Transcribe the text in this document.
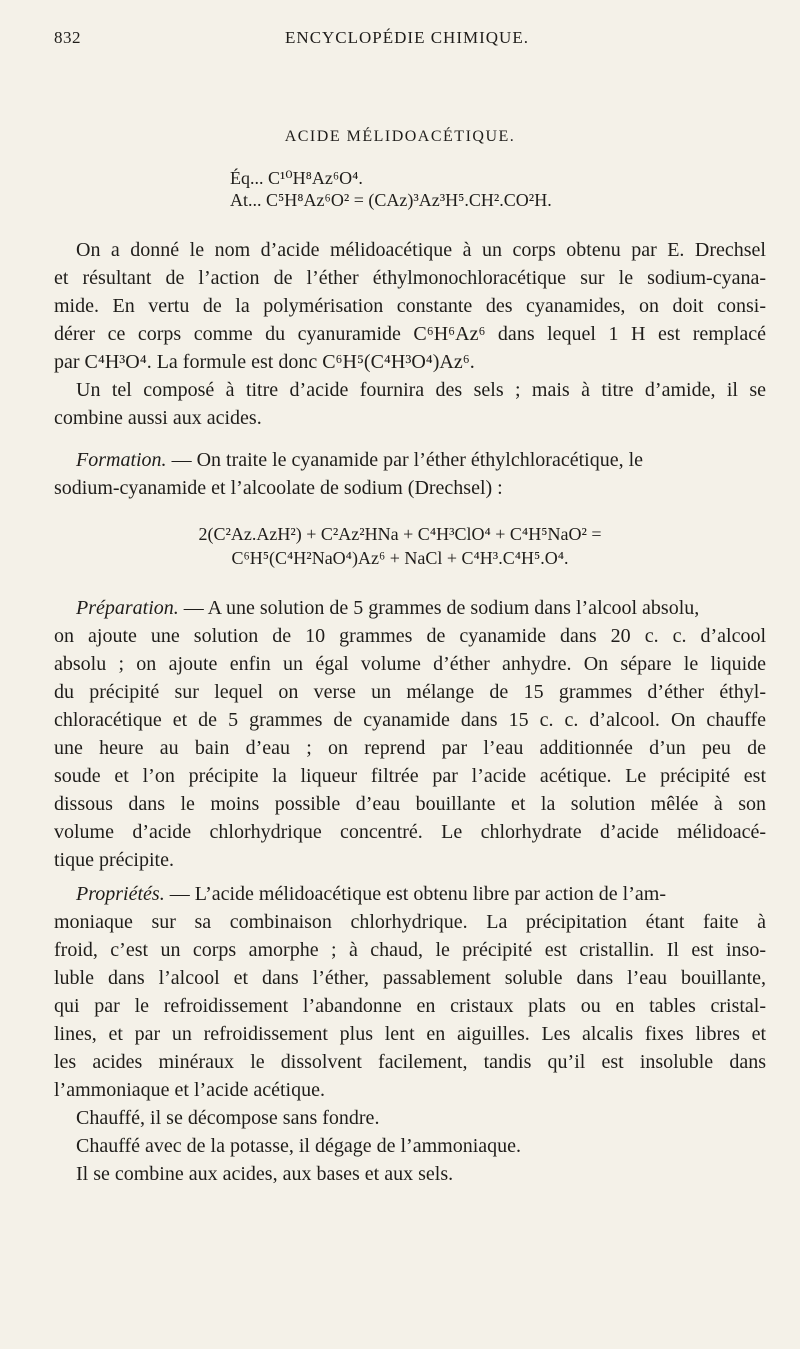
832	ENCYCLOPÉDIE CHIMIQUE.
ACIDE MÉLIDOACÉTIQUE.
Éq... C¹⁰H⁸Az⁶O⁴.
At... C⁵H⁸Az⁶O² = (CAz)³Az³H⁵.CH².CO²H.
On a donné le nom d’acide mélidoacétique à un corps obtenu par E. Drechsel
et résultant de l’action de l’éther éthylmonochloracétique sur le sodium-cyana-
mide. En vertu de la polymérisation constante des cyanamides, on doit consi-
dérer ce corps comme du cyanuramide C⁶H⁶Az⁶ dans lequel 1 H est remplacé
par C⁴H³O⁴. La formule est donc C⁶H⁵(C⁴H³O⁴)Az⁶.
Un tel composé à titre d’acide fournira des sels ; mais à titre d’amide, il se
combine aussi aux acides.
Formation. — On traite le cyanamide par l’éther éthylchloracétique, le
sodium-cyanamide et l’alcoolate de sodium (Drechsel) :
2(C²Az.AzH²) + C²Az²HNa + C⁴H³ClO⁴ + C⁴H⁵NaO² =
C⁶H⁵(C⁴H²NaO⁴)Az⁶ + NaCl + C⁴H³.C⁴H⁵.O⁴.
Préparation. — A une solution de 5 grammes de sodium dans l’alcool absolu,
on ajoute une solution de 10 grammes de cyanamide dans 20 c. c. d’alcool
absolu ; on ajoute enfin un égal volume d’éther anhydre. On sépare le liquide
du précipité sur lequel on verse un mélange de 15 grammes d’éther éthyl-
chloracétique et de 5 grammes de cyanamide dans 15 c. c. d’alcool. On chauffe
une heure au bain d’eau ; on reprend par l’eau additionnée d’un peu de
soude et l’on précipite la liqueur filtrée par l’acide acétique. Le précipité est
dissous dans le moins possible d’eau bouillante et la solution mêlée à son
volume d’acide chlorhydrique concentré. Le chlorhydrate d’acide mélidoacé-
tique précipite.
Propriétés. — L’acide mélidoacétique est obtenu libre par action de l’am-
moniaque sur sa combinaison chlorhydrique. La précipitation étant faite à
froid, c’est un corps amorphe ; à chaud, le précipité est cristallin. Il est inso-
luble dans l’alcool et dans l’éther, passablement soluble dans l’eau bouillante,
qui par le refroidissement l’abandonne en cristaux plats ou en tables cristal-
lines, et par un refroidissement plus lent en aiguilles. Les alcalis fixes libres et
les acides minéraux le dissolvent facilement, tandis qu’il est insoluble dans
l’ammoniaque et l’acide acétique.
Chauffé, il se décompose sans fondre.
Chauffé avec de la potasse, il dégage de l’ammoniaque.
Il se combine aux acides, aux bases et aux sels.
